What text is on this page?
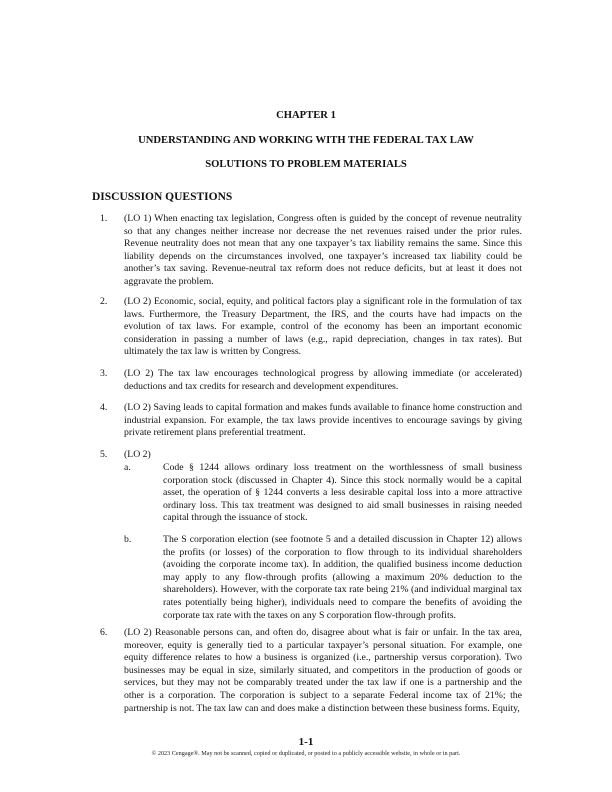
CHAPTER 1
UNDERSTANDING AND WORKING WITH THE FEDERAL TAX LAW
SOLUTIONS TO PROBLEM MATERIALS
DISCUSSION QUESTIONS
1. (LO 1) When enacting tax legislation, Congress often is guided by the concept of revenue neutrality so that any changes neither increase nor decrease the net revenues raised under the prior rules. Revenue neutrality does not mean that any one taxpayer’s tax liability remains the same. Since this liability depends on the circumstances involved, one taxpayer’s increased tax liability could be another’s tax saving. Revenue-neutral tax reform does not reduce deficits, but at least it does not aggravate the problem.
2. (LO 2) Economic, social, equity, and political factors play a significant role in the formulation of tax laws. Furthermore, the Treasury Department, the IRS, and the courts have had impacts on the evolution of tax laws. For example, control of the economy has been an important economic consideration in passing a number of laws (e.g., rapid depreciation, changes in tax rates). But ultimately the tax law is written by Congress.
3. (LO 2) The tax law encourages technological progress by allowing immediate (or accelerated) deductions and tax credits for research and development expenditures.
4. (LO 2) Saving leads to capital formation and makes funds available to finance home construction and industrial expansion. For example, the tax laws provide incentives to encourage savings by giving private retirement plans preferential treatment.
5. (LO 2)
a.	Code § 1244 allows ordinary loss treatment on the worthlessness of small business corporation stock (discussed in Chapter 4). Since this stock normally would be a capital asset, the operation of § 1244 converts a less desirable capital loss into a more attractive ordinary loss. This tax treatment was designed to aid small businesses in raising needed capital through the issuance of stock.
b.	The S corporation election (see footnote 5 and a detailed discussion in Chapter 12) allows the profits (or losses) of the corporation to flow through to its individual shareholders (avoiding the corporate income tax). In addition, the qualified business income deduction may apply to any flow-through profits (allowing a maximum 20% deduction to the shareholders). However, with the corporate tax rate being 21% (and individual marginal tax rates potentially being higher), individuals need to compare the benefits of avoiding the corporate tax rate with the taxes on any S corporation flow-through profits.
6. (LO 2) Reasonable persons can, and often do, disagree about what is fair or unfair. In the tax area, moreover, equity is generally tied to a particular taxpayer’s personal situation. For example, one equity difference relates to how a business is organized (i.e., partnership versus corporation). Two businesses may be equal in size, similarly situated, and competitors in the production of goods or services, but they may not be comparably treated under the tax law if one is a partnership and the other is a corporation. The corporation is subject to a separate Federal income tax of 21%; the partnership is not. The tax law can and does make a distinction between these business forms. Equity,
1-1
© 2023 Cengage®. May not be scanned, copied or duplicated, or posted to a publicly accessible website, in whole or in part.
